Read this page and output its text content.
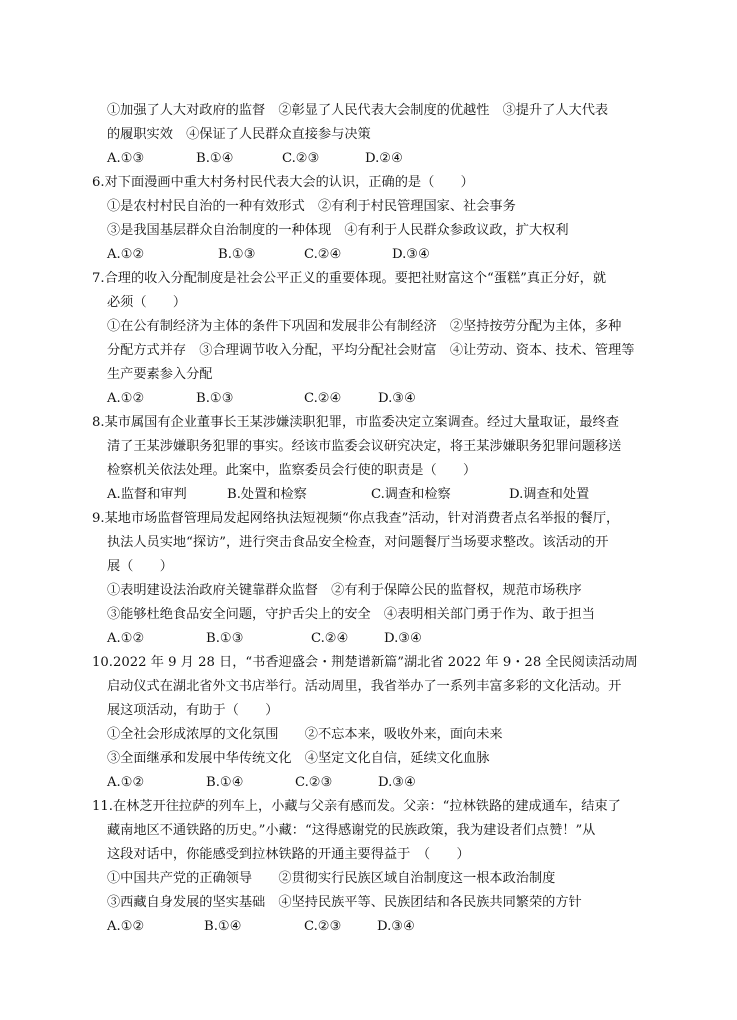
①加强了人大对政府的监督　②彰显了人民代表大会制度的优越性　③提升了人大代表
的履职实效　④保证了人民群众直接参与决策
A.①③	B.①④	C.②③	D.②④
6.对下面漫画中重大村务村民代表大会的认识，正确的是（　　）
①是农村村民自治的一种有效形式　②有利于村民管理国家、社会事务
③是我国基层群众自治制度的一种体现　④有利于人民群众参政议政，扩大权利
A.①②	B.①③	C.②④	D.③④
7.合理的收入分配制度是社会公平正义的重要体现。要把社财富这个“蛋糕”真正分好，就
必须（　　）
①在公有制经济为主体的条件下巩固和发展非公有制经济　②坚持按劳分配为主体，多种
分配方式并存　③合理调节收入分配，平均分配社会财富　④让劳动、资本、技术、管理等
生产要素参入分配
A.①②	B.①③	C.②④	D.③④
8.某市属国有企业董事长王某涉嫌渎职犯罪，市监委决定立案调查。经过大量取证，最终查
清了王某涉嫌职务犯罪的事实。经该市监委会议研究决定，将王某涉嫌职务犯罪问题移送
检察机关依法处理。此案中，监察委员会行使的职责是（　　）
A.监督和审判	B.处置和检察	C.调查和检察	D.调查和处置
9.某地市场监督管理局发起网络执法短视频“你点我查”活动，针对消费者点名举报的餐厅，
执法人员实地“探访”，进行突击食品安全检查，对问题餐厅当场要求整改。该活动的开
展（　　）
①表明建设法治政府关键靠群众监督　②有利于保障公民的监督权，规范市场秩序
③能够杜绝食品安全问题，守护舌尖上的安全　④表明相关部门勇于作为、敢于担当
A.①②	B.①③	C.②④	D.③④
10.2022 年 9 月 28 日，“书香迎盛会・荆楚谱新篇”湖北省 2022 年 9・28 全民阅读活动周
启动仪式在湖北省外文书店举行。活动周里，我省举办了一系列丰富多彩的文化活动。开
展这项活动，有助于（　　）
①全社会形成浓厚的文化氛围　　②不忘本来，吸收外来，面向未来
③全面继承和发展中华传统文化　④坚定文化自信，延续文化血脉
A.①②	B.①④	C.②③	D.③④
11.在林芝开往拉萨的列车上，小藏与父亲有感而发。父亲：“拉林铁路的建成通车，结束了
藏南地区不通铁路的历史。”小藏：“这得感谢党的民族政策，我为建设者们点赞！”从
这段对话中，你能感受到拉林铁路的开通主要得益于　（　　）
①中国共产党的正确领导　　②贯彻实行民族区域自治制度这一根本政治制度
③西藏自身发展的坚实基础　④坚持民族平等、民族团结和各民族共同繁荣的方针
A.①②	B.①④	C.②③	D.③④
